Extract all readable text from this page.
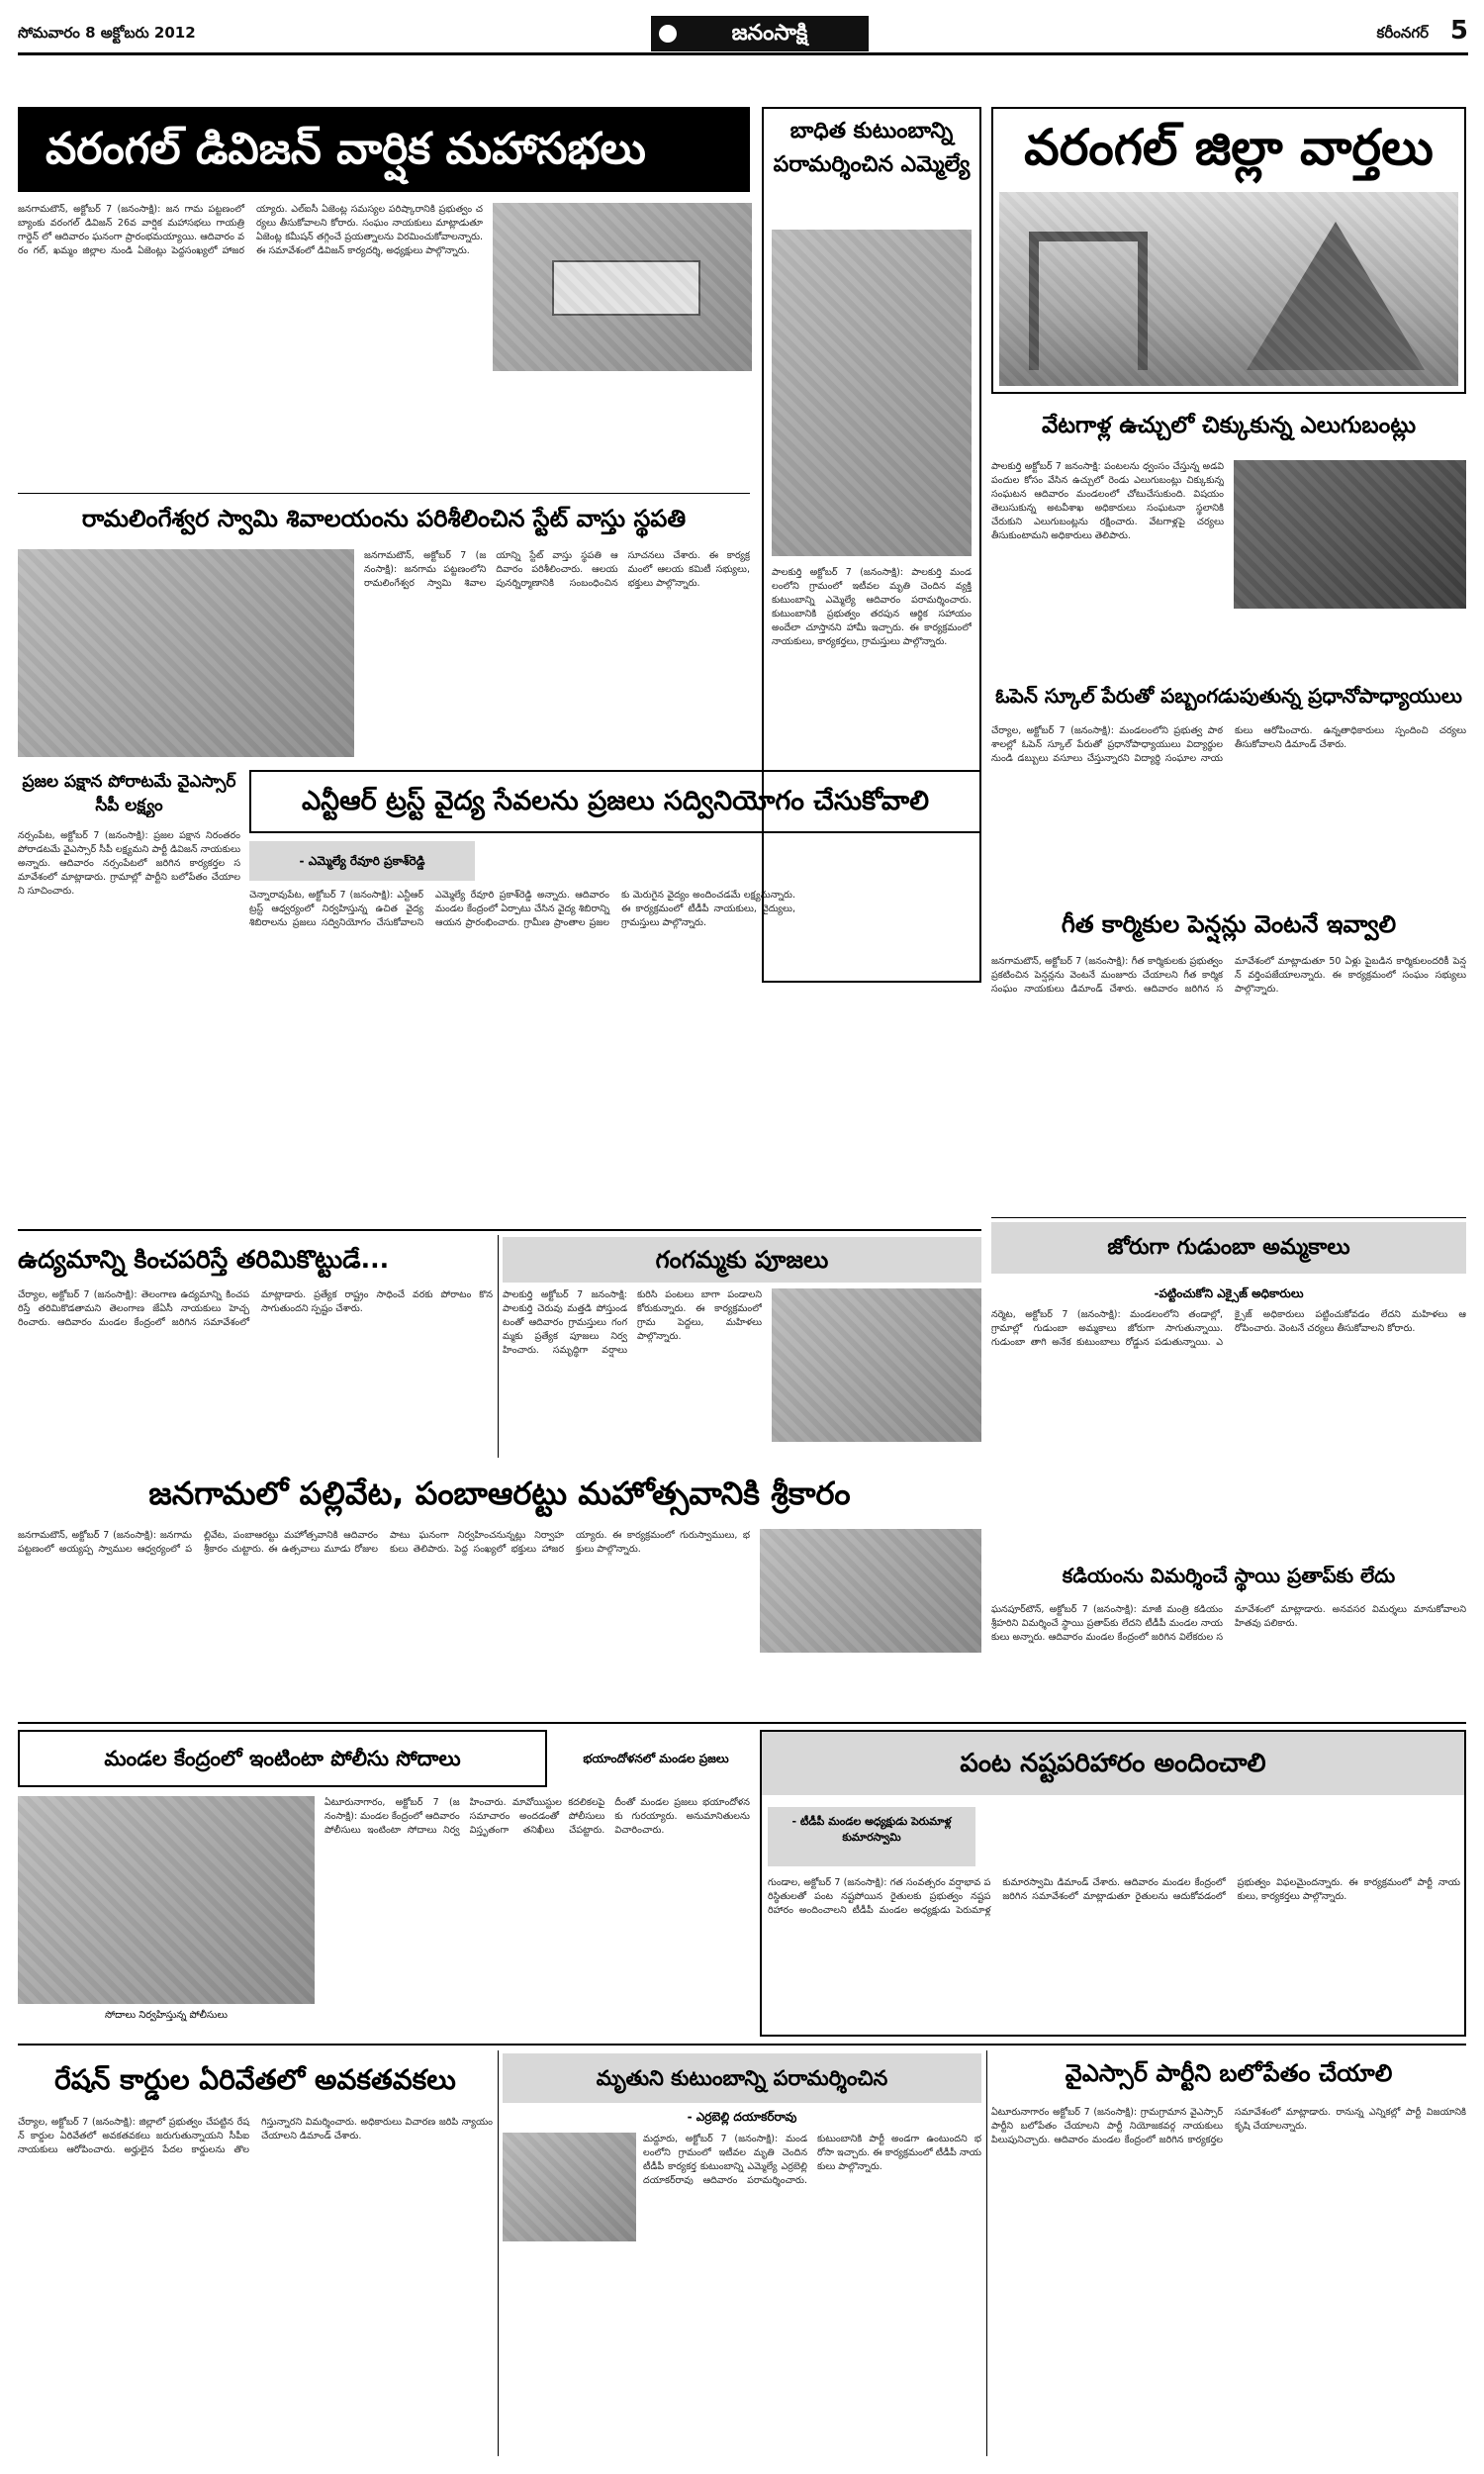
సోమవారం 8 అక్టోబరు 2012	జనంసాక్షి	కరీంనగర్ 5
వరంగల్ డివిజన్ వార్షిక మహాసభలు
జనగామటౌన్, అక్టోబర్ 7 (జనంసాక్షి): జన గామ పట్టణంలో బ్యాంకు వరంగల్ డివిజన్ 26వ వార్షిక మహాసభలు గాయత్రి గార్డెన్ లో ఆదివారం ఘనంగా ప్రారంభమయ్యాయి. ఆదివారం వరం గల్, ఖమ్మం జిల్లాల నుండి ఏజెంట్లు పెద్దసంఖ్యలో హాజరయ్యారు. ఎల్ఐసీ ఏజెంట్ల సమస్యల పరిష్కారానికి ప్రభుత్వం చర్యలు తీసుకోవాలని కోరారు. సంఘం నాయకులు మాట్లాడుతూ ఏజెంట్ల కమీషన్ తగ్గించే ప్రయత్నాలను విరమించుకోవాలన్నారు. ఈ సమావేశంలో డివిజన్ కార్యదర్శి, అధ్యక్షులు పాల్గొన్నారు.
బాధిత కుటుంబాన్ని పరామర్శించిన ఎమ్మెల్యే
పాలకుర్తి అక్టోబర్ 7 (జనంసాక్షి): పాలకుర్తి మండలంలోని గ్రామంలో ఇటీవల మృతి చెందిన వ్యక్తి కుటుంబాన్ని ఎమ్మెల్యే ఆదివారం పరామర్శించారు. కుటుంబానికి ప్రభుత్వం తరపున ఆర్థిక సహాయం అందేలా చూస్తానని హామీ ఇచ్చారు. ఈ కార్యక్రమంలో నాయకులు, కార్యకర్తలు, గ్రామస్తులు పాల్గొన్నారు.
రామలింగేశ్వర స్వామి శివాలయంను పరిశీలించిన స్టేట్ వాస్తు స్థపతి
జనగామటౌన్, అక్టోబర్ 7 (జనంసాక్షి): జనగామ పట్టణంలోని రామలింగేశ్వర స్వామి శివాలయాన్ని స్టేట్ వాస్తు స్థపతి ఆదివారం పరిశీలించారు. ఆలయ పునర్నిర్మాణానికి సంబంధించిన సూచనలు చేశారు. ఈ కార్యక్రమంలో ఆలయ కమిటీ సభ్యులు, భక్తులు పాల్గొన్నారు.
ప్రజల పక్షాన పోరాటమే వైఎస్సార్ సీపీ లక్ష్యం
నర్సంపేట, అక్టోబర్ 7 (జనంసాక్షి): ప్రజల పక్షాన నిరంతరం పోరాడటమే వైఎస్సార్ సీపీ లక్ష్యమని పార్టీ డివిజన్ నాయకులు అన్నారు. ఆదివారం నర్సంపేటలో జరిగిన కార్యకర్తల సమావేశంలో మాట్లాడారు. గ్రామాల్లో పార్టీని బలోపేతం చేయాలని సూచించారు.
ఎన్టీఆర్ ట్రస్ట్ వైద్య సేవలను ప్రజలు సద్వినియోగం చేసుకోవాలి
- ఎమ్మెల్యే రేవూరి ప్రకాశ్‌రెడ్డి
చెన్నారావుపేట, అక్టోబర్ 7 (జనంసాక్షి): ఎన్టీఆర్ ట్రస్ట్ ఆధ్వర్యంలో నిర్వహిస్తున్న ఉచిత వైద్య శిబిరాలను ప్రజలు సద్వినియోగం చేసుకోవాలని ఎమ్మెల్యే రేవూరి ప్రకాశ్‌రెడ్డి అన్నారు. ఆదివారం మండల కేంద్రంలో ఏర్పాటు చేసిన వైద్య శిబిరాన్ని ఆయన ప్రారంభించారు. గ్రామీణ ప్రాంతాల ప్రజలకు మెరుగైన వైద్యం అందించడమే లక్ష్యమన్నారు. ఈ కార్యక్రమంలో టీడీపీ నాయకులు, వైద్యులు, గ్రామస్తులు పాల్గొన్నారు.
వరంగల్ జిల్లా వార్తలు
వేటగాళ్ల ఉచ్చులో చిక్కుకున్న ఎలుగుబంట్లు
పాలకుర్తి అక్టోబర్ 7 జనంసాక్షి: పంటలను ధ్వంసం చేస్తున్న అడవి పందుల కోసం వేసిన ఉచ్చులో రెండు ఎలుగుబంట్లు చిక్కుకున్న సంఘటన ఆదివారం మండలంలో చోటుచేసుకుంది. విషయం తెలుసుకున్న అటవీశాఖ అధికారులు సంఘటనా స్థలానికి చేరుకుని ఎలుగుబంట్లను రక్షించారు. వేటగాళ్లపై చర్యలు తీసుకుంటామని అధికారులు తెలిపారు.
ఓపెన్ స్కూల్ పేరుతో పబ్బంగడుపుతున్న ప్రధానోపాధ్యాయులు
చేర్యాల, అక్టోబర్ 7 (జనంసాక్షి): మండలంలోని ప్రభుత్వ పాఠశాలల్లో ఓపెన్ స్కూల్ పేరుతో ప్రధానోపాధ్యాయులు విద్యార్థుల నుండి డబ్బులు వసూలు చేస్తున్నారని విద్యార్థి సంఘాల నాయకులు ఆరోపించారు. ఉన్నతాధికారులు స్పందించి చర్యలు తీసుకోవాలని డిమాండ్ చేశారు.
గీత కార్మికుల పెన్షన్లు వెంటనే ఇవ్వాలి
జనగామటౌన్, అక్టోబర్ 7 (జనంసాక్షి): గీత కార్మికులకు ప్రభుత్వం ప్రకటించిన పెన్షన్లను వెంటనే మంజూరు చేయాలని గీత కార్మిక సంఘం నాయకులు డిమాండ్ చేశారు. ఆదివారం జరిగిన సమావేశంలో మాట్లాడుతూ 50 ఏళ్లు పైబడిన కార్మికులందరికీ పెన్షన్ వర్తింపజేయాలన్నారు. ఈ కార్యక్రమంలో సంఘం సభ్యులు పాల్గొన్నారు.
ఉద్యమాన్ని కించపరిస్తే తరిమికొట్టుడే...
చేర్యాల, అక్టోబర్ 7 (జనంసాక్షి): తెలంగాణ ఉద్యమాన్ని కించపరిస్తే తరిమికొడతామని తెలంగాణ జేఏసీ నాయకులు హెచ్చరించారు. ఆదివారం మండల కేంద్రంలో జరిగిన సమావేశంలో మాట్లాడారు. ప్రత్యేక రాష్ట్రం సాధించే వరకు పోరాటం కొనసాగుతుందని స్పష్టం చేశారు.
గంగమ్మకు పూజలు
పాలకుర్తి అక్టోబర్ 7 జనంసాక్షి: పాలకుర్తి చెరువు మత్తడి పోస్తుండటంతో ఆదివారం గ్రామస్తులు గంగమ్మకు ప్రత్యేక పూజలు నిర్వహించారు. సమృద్ధిగా వర్షాలు కురిసి పంటలు బాగా పండాలని కోరుకున్నారు. ఈ కార్యక్రమంలో గ్రామ పెద్దలు, మహిళలు పాల్గొన్నారు.
జోరుగా గుడుంబా అమ్మకాలు
-పట్టించుకోని ఎక్సైజ్ అధికారులు
నర్మెట, అక్టోబర్ 7 (జనంసాక్షి): మండలంలోని తండాల్లో, గ్రామాల్లో గుడుంబా అమ్మకాలు జోరుగా సాగుతున్నాయి. గుడుంబా తాగి అనేక కుటుంబాలు రోడ్డున పడుతున్నాయి. ఎక్సైజ్ అధికారులు పట్టించుకోవడం లేదని మహిళలు ఆరోపించారు. వెంటనే చర్యలు తీసుకోవాలని కోరారు.
కడియంను విమర్శించే స్థాయి ప్రతాప్‌కు లేదు
ఘనపూర్‌టౌన్, అక్టోబర్ 7 (జనంసాక్షి): మాజీ మంత్రి కడియం శ్రీహరిని విమర్శించే స్థాయి ప్రతాప్‌కు లేదని టీడీపీ మండల నాయకులు అన్నారు. ఆదివారం మండల కేంద్రంలో జరిగిన విలేకరుల సమావేశంలో మాట్లాడారు. అనవసర విమర్శలు మానుకోవాలని హితవు పలికారు.
జనగామలో పల్లివేట, పంబాఆరట్టు మహోత్సవానికి శ్రీకారం
జనగామటౌన్, అక్టోబర్ 7 (జనంసాక్షి): జనగామ పట్టణంలో అయ్యప్ప స్వాముల ఆధ్వర్యంలో పల్లివేట, పంబాఆరట్టు మహోత్సవానికి ఆదివారం శ్రీకారం చుట్టారు. ఈ ఉత్సవాలు మూడు రోజుల పాటు ఘనంగా నిర్వహించనున్నట్లు నిర్వాహకులు తెలిపారు. పెద్ద సంఖ్యలో భక్తులు హాజరయ్యారు. ఈ కార్యక్రమంలో గురుస్వాములు, భక్తులు పాల్గొన్నారు.
మండల కేంద్రంలో ఇంటింటా పోలీసు సోదాలు	భయాందోళనలో మండల ప్రజలు
సోదాలు నిర్వహిస్తున్న పోలీసులు
ఏటూరునాగారం, అక్టోబర్ 7 (జనంసాక్షి): మండల కేంద్రంలో ఆదివారం పోలీసులు ఇంటింటా సోదాలు నిర్వహించారు. మావోయిస్టుల కదలికలపై సమాచారం అందడంతో పోలీసులు విస్తృతంగా తనిఖీలు చేపట్టారు. దీంతో మండల ప్రజలు భయాందోళనకు గురయ్యారు. అనుమానితులను విచారించారు.
పంట నష్టపరిహారం అందించాలి
- టీడీపీ మండల అధ్యక్షుడు పెరుమాళ్ల కుమారస్వామి
గుండాల, అక్టోబర్ 7 (జనంసాక్షి): గత సంవత్సరం వర్షాభావ పరిస్థితులతో పంట నష్టపోయిన రైతులకు ప్రభుత్వం నష్టపరిహారం అందించాలని టీడీపీ మండల అధ్యక్షుడు పెరుమాళ్ల కుమారస్వామి డిమాండ్ చేశారు. ఆదివారం మండల కేంద్రంలో జరిగిన సమావేశంలో మాట్లాడుతూ రైతులను ఆదుకోవడంలో ప్రభుత్వం విఫలమైందన్నారు. ఈ కార్యక్రమంలో పార్టీ నాయకులు, కార్యకర్తలు పాల్గొన్నారు.
రేషన్ కార్డుల ఏరివేతలో అవకతవకలు
చేర్యాల, అక్టోబర్ 7 (జనంసాక్షి): జిల్లాలో ప్రభుత్వం చేపట్టిన రేషన్ కార్డుల ఏరివేతలో అవకతవకలు జరుగుతున్నాయని సీపీఐ నాయకులు ఆరోపించారు. అర్హులైన పేదల కార్డులను తొలగిస్తున్నారని విమర్శించారు. అధికారులు విచారణ జరిపి న్యాయం చేయాలని డిమాండ్ చేశారు.
మృతుని కుటుంబాన్ని పరామర్శించిన
- ఎర్రబెల్లి దయాకర్‌రావు
మద్దూరు, అక్టోబర్ 7 (జనంసాక్షి): మండలంలోని గ్రామంలో ఇటీవల మృతి చెందిన టీడీపీ కార్యకర్త కుటుంబాన్ని ఎమ్మెల్యే ఎర్రబెల్లి దయాకర్‌రావు ఆదివారం పరామర్శించారు. కుటుంబానికి పార్టీ అండగా ఉంటుందని భరోసా ఇచ్చారు. ఈ కార్యక్రమంలో టీడీపీ నాయకులు పాల్గొన్నారు.
వైఎస్సార్ పార్టీని బలోపేతం చేయాలి
ఏటూరునాగారం అక్టోబర్ 7 (జనంసాక్షి): గ్రామగ్రామాన వైఎస్సార్ పార్టీని బలోపేతం చేయాలని పార్టీ నియోజకవర్గ నాయకులు పిలుపునిచ్చారు. ఆదివారం మండల కేంద్రంలో జరిగిన కార్యకర్తల సమావేశంలో మాట్లాడారు. రానున్న ఎన్నికల్లో పార్టీ విజయానికి కృషి చేయాలన్నారు.
